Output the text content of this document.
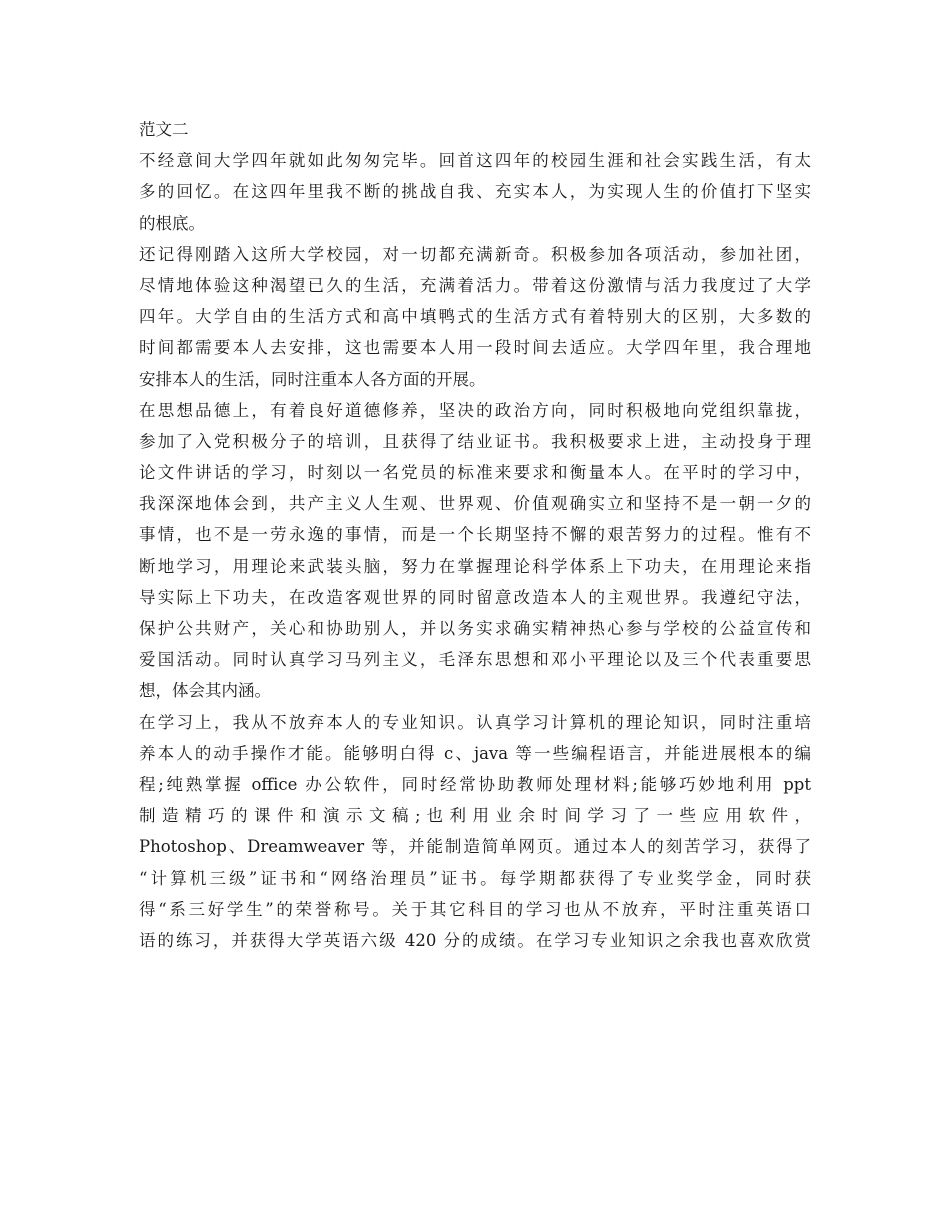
范文二
不经意间大学四年就如此匆匆完毕。回首这四年的校园生涯和社会实践生活，有太
多的回忆。在这四年里我不断的挑战自我、充实本人，为实现人生的价值打下坚实
的根底。
还记得刚踏入这所大学校园，对一切都充满新奇。积极参加各项活动，参加社团，
尽情地体验这种渴望已久的生活，充满着活力。带着这份激情与活力我度过了大学
四年。大学自由的生活方式和高中填鸭式的生活方式有着特别大的区别，大多数的
时间都需要本人去安排，这也需要本人用一段时间去适应。大学四年里，我合理地
安排本人的生活，同时注重本人各方面的开展。
在思想品德上，有着良好道德修养，坚决的政治方向，同时积极地向党组织靠拢，
参加了入党积极分子的培训，且获得了结业证书。我积极要求上进，主动投身于理
论文件讲话的学习，时刻以一名党员的标准来要求和衡量本人。在平时的学习中，
我深深地体会到，共产主义人生观、世界观、价值观确实立和坚持不是一朝一夕的
事情，也不是一劳永逸的事情，而是一个长期坚持不懈的艰苦努力的过程。惟有不
断地学习，用理论来武装头脑，努力在掌握理论科学体系上下功夫，在用理论来指
导实际上下功夫，在改造客观世界的同时留意改造本人的主观世界。我遵纪守法，
保护公共财产，关心和协助别人，并以务实求确实精神热心参与学校的公益宣传和
爱国活动。同时认真学习马列主义，毛泽东思想和邓小平理论以及三个代表重要思
想，体会其内涵。
在学习上，我从不放弃本人的专业知识。认真学习计算机的理论知识，同时注重培
养本人的动手操作才能。能够明白得 c、java 等一些编程语言，并能进展根本的编
程;纯熟掌握 office 办公软件，同时经常协助教师处理材料;能够巧妙地利用 ppt
制 造 精 巧 的 课 件 和 演 示 文 稿 ; 也 利 用 业 余 时 间 学 习 了 一 些 应 用 软 件 ，
Photoshop、Dreamweaver 等，并能制造简单网页。通过本人的刻苦学习，获得了
“计算机三级”证书和“网络治理员”证书。每学期都获得了专业奖学金，同时获
得“系三好学生”的荣誉称号。关于其它科目的学习也从不放弃，平时注重英语口
语的练习，并获得大学英语六级 420 分的成绩。在学习专业知识之余我也喜欢欣赏
